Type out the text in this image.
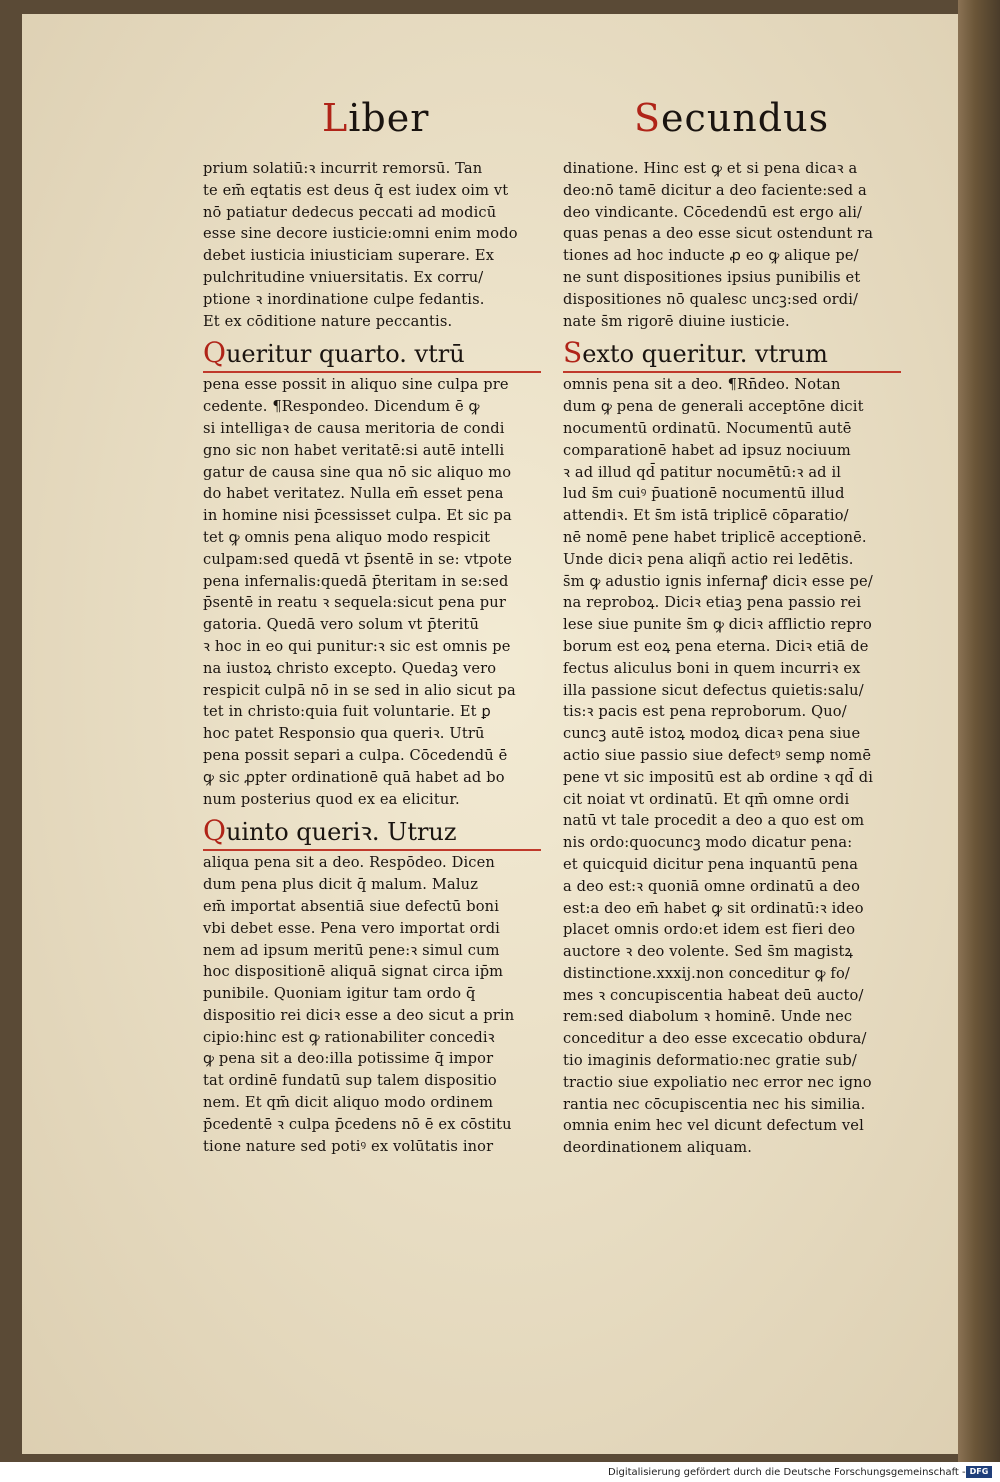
Liber	Secundus

prium solatiū:ꝛ incurrit remorsū. Tan

te em̄ eqtatis est deus q̄ est iudex oim vt

nō patiatur dedecus peccati ad modicū

esse sine decore iusticie:omni enim modo

debet iusticia iniusticiam superare. Ex

pulchritudine vniuersitatis. Ex corru/

ptione ꝛ inordinatione culpe fedantis.

Et ex cōditione nature peccantis.

Queritur quarto. vtrū

pena esse possit in aliquo sine culpa pre

cedente. ¶Respondeo. Dicendum ē ꝙ

si intelligaꝛ de causa meritoria de condi

gno sic non habet veritatē:si autē intelli

gatur de causa sine qua nō sic aliquo mo

do habet veritatez. Nulla em̄ esset pena

in homine nisi p̄cessisset culpa. Et sic pa

tet ꝙ omnis pena aliquo modo respicit

culpam:sed quedā vt p̄sentē in se: vtpote

pena infernalis:quedā p̄teritam in se:sed

p̄sentē in reatu ꝛ sequela:sicut pena pur

gatoria. Quedā vero solum vt p̄teritū

ꝛ hoc in eo qui punitur:ꝛ sic est omnis pe

na iustoꝝ christo excepto. Quedaꝫ vero

respicit culpā nō in se sed in alio sicut pa

tet in christo:quia fuit voluntarie. Et ꝑ

hoc patet Responsio qua queriꝛ. Utrū

pena possit separi a culpa. Cōcedendū ē

ꝙ sic ꝓpter ordinationē quā habet ad bo

num posterius quod ex ea elicitur.

Quinto queriꝛ. Utruz

aliqua pena sit a deo. Respōdeo. Dicen

dum pena plus dicit q̄ malum. Maluz

em̄ importat absentiā siue defectū boni

vbi debet esse. Pena vero importat ordi

nem ad ipsum meritū pene:ꝛ simul cum

hoc dispositionē aliquā signat circa ip̄m

punibile. Quoniam igitur tam ordo q̄

dispositio rei diciꝛ esse a deo sicut a prin

cipio:hinc est ꝙ rationabiliter concediꝛ

ꝙ pena sit a deo:illa potissime q̄ impor

tat ordinē fundatū sup talem dispositio

nem. Et qm̄ dicit aliquo modo ordinem

p̄cedentē ꝛ culpa p̄cedens nō ē ex cōstitu

tione nature sed potiꝰ ex volūtatis inor

dinatione. Hinc est ꝙ et si pena dicaꝛ a

deo:nō tamē dicitur a deo faciente:sed a

deo vindicante. Cōcedendū est ergo ali/

quas penas a deo esse sicut ostendunt ra

tiones ad hoc inducte ꝓ eo ꝙ alique pe/

ne sunt dispositiones ipsius punibilis et

dispositiones nō qualesc uncꝫ:sed ordi/

nate s̄m rigorē diuine iusticie.

Sexto queritur. vtrum

omnis pena sit a deo. ¶Rn̄deo. Notan

dum ꝙ pena de generali acceptōne dicit

nocumentū ordinatū. Nocumentū autē

comparationē habet ad ipsuz nociuum

ꝛ ad illud qd̄ patitur nocumētū:ꝛ ad il

lud s̄m cuiꝰ p̄uationē nocumentū illud

attendiꝛ. Et s̄m istā triplicē cōparatio/

nē nomē pene habet triplicē acceptionē.

Unde diciꝛ pena aliqñ actio rei ledētis.

s̄m ꝙ adustio ignis infernaꝭ diciꝛ esse pe/

na reproboꝝ. Diciꝛ etiaꝫ pena passio rei

lese siue punite s̄m ꝙ diciꝛ afflictio repro

borum est eoꝝ pena eterna. Diciꝛ etiā de

fectus aliculus boni in quem incurriꝛ ex

illa passione sicut defectus quietis:salu/

tis:ꝛ pacis est pena reproborum. Quo/

cuncꝫ autē istoꝝ modoꝝ dicaꝛ pena siue

actio siue passio siue defectꝰ semꝑ nomē

pene vt sic impositū est ab ordine ꝛ qd̄ di

cit noiat vt ordinatū. Et qm̄ omne ordi

natū vt tale procedit a deo a quo est om

nis ordo:quocuncꝫ modo dicatur pena:

et quicquid dicitur pena inquantū pena

a deo est:ꝛ quoniā omne ordinatū a deo

est:a deo em̄ habet ꝙ sit ordinatū:ꝛ ideo

placet omnis ordo:et idem est fieri deo

auctore ꝛ deo volente. Sed s̄m magistꝝ

distinctione.xxxij.non conceditur ꝙ fo/

mes ꝛ concupiscentia habeat deū aucto/

rem:sed diabolum ꝛ hominē. Unde nec

conceditur a deo esse excecatio obdura/

tio imaginis deformatio:nec gratie sub/

tractio siue expoliatio nec error nec igno

rantia nec cōcupiscentia nec his similia.

omnia enim hec vel dicunt defectum vel

deordinationem aliquam.

Digitalisierung gefördert durch die Deutsche Forschungsgemeinschaft - DFG
